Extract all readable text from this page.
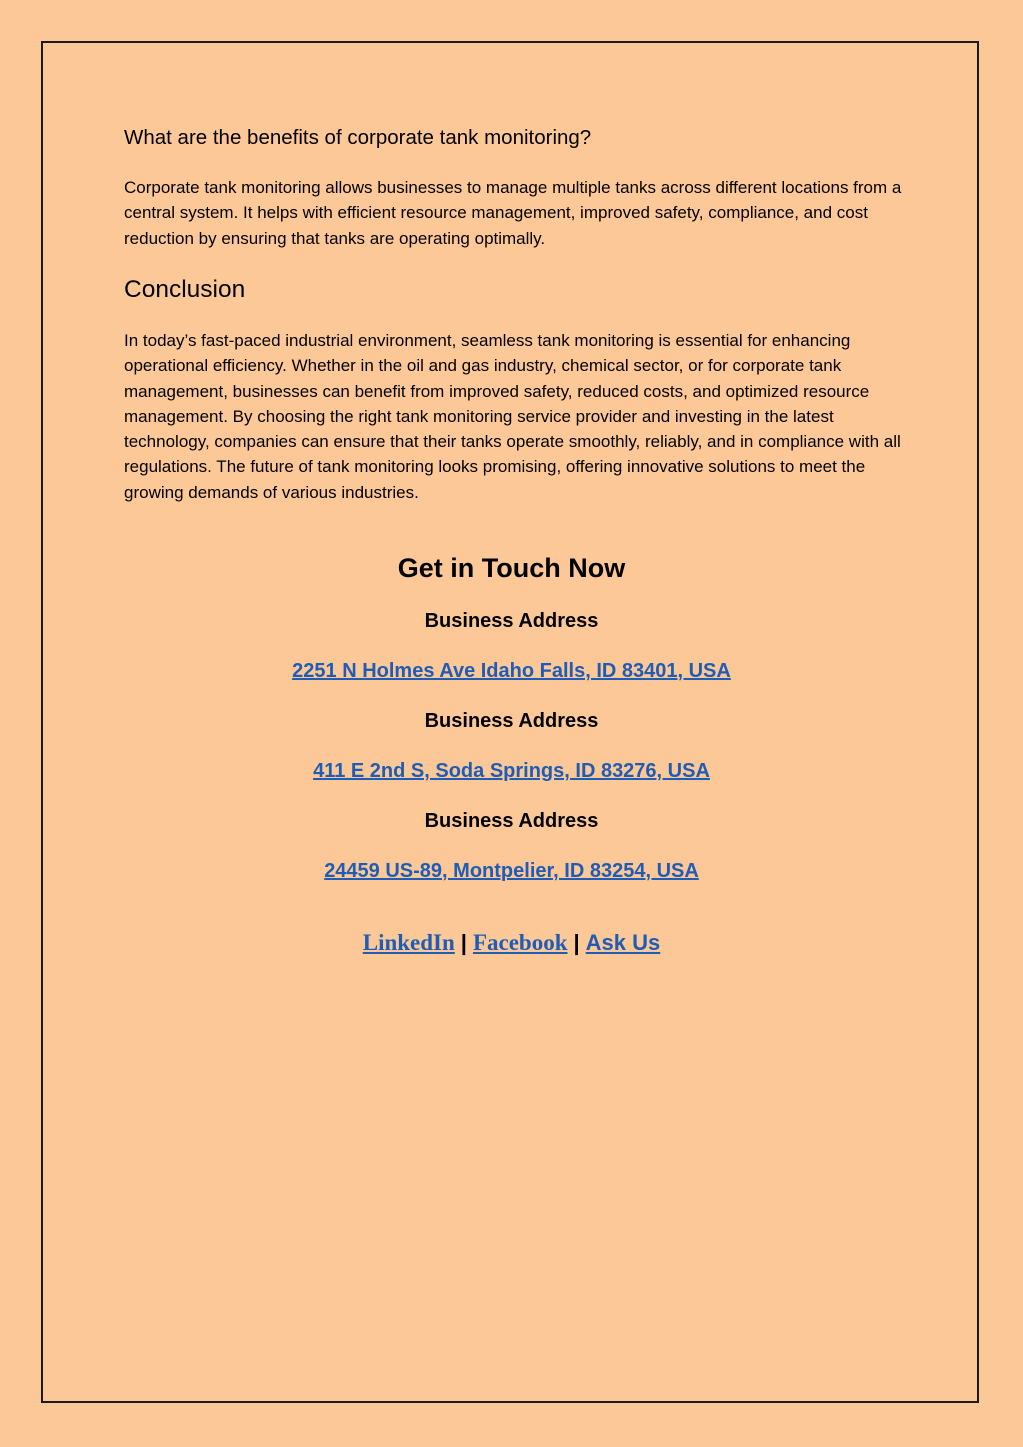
What are the benefits of corporate tank monitoring?

Corporate tank monitoring allows businesses to manage multiple tanks across different locations from a central system. It helps with efficient resource management, improved safety, compliance, and cost reduction by ensuring that tanks are operating optimally.

Conclusion

In today’s fast-paced industrial environment, seamless tank monitoring is essential for enhancing operational efficiency. Whether in the oil and gas industry, chemical sector, or for corporate tank management, businesses can benefit from improved safety, reduced costs, and optimized resource management. By choosing the right tank monitoring service provider and investing in the latest technology, companies can ensure that their tanks operate smoothly, reliably, and in compliance with all regulations. The future of tank monitoring looks promising, offering innovative solutions to meet the growing demands of various industries.

Get in Touch Now
Business Address
2251 N Holmes Ave Idaho Falls, ID 83401, USA
Business Address
411 E 2nd S, Soda Springs, ID 83276, USA
Business Address
24459 US-89, Montpelier, ID 83254, USA
LinkedIn | Facebook | Ask Us
